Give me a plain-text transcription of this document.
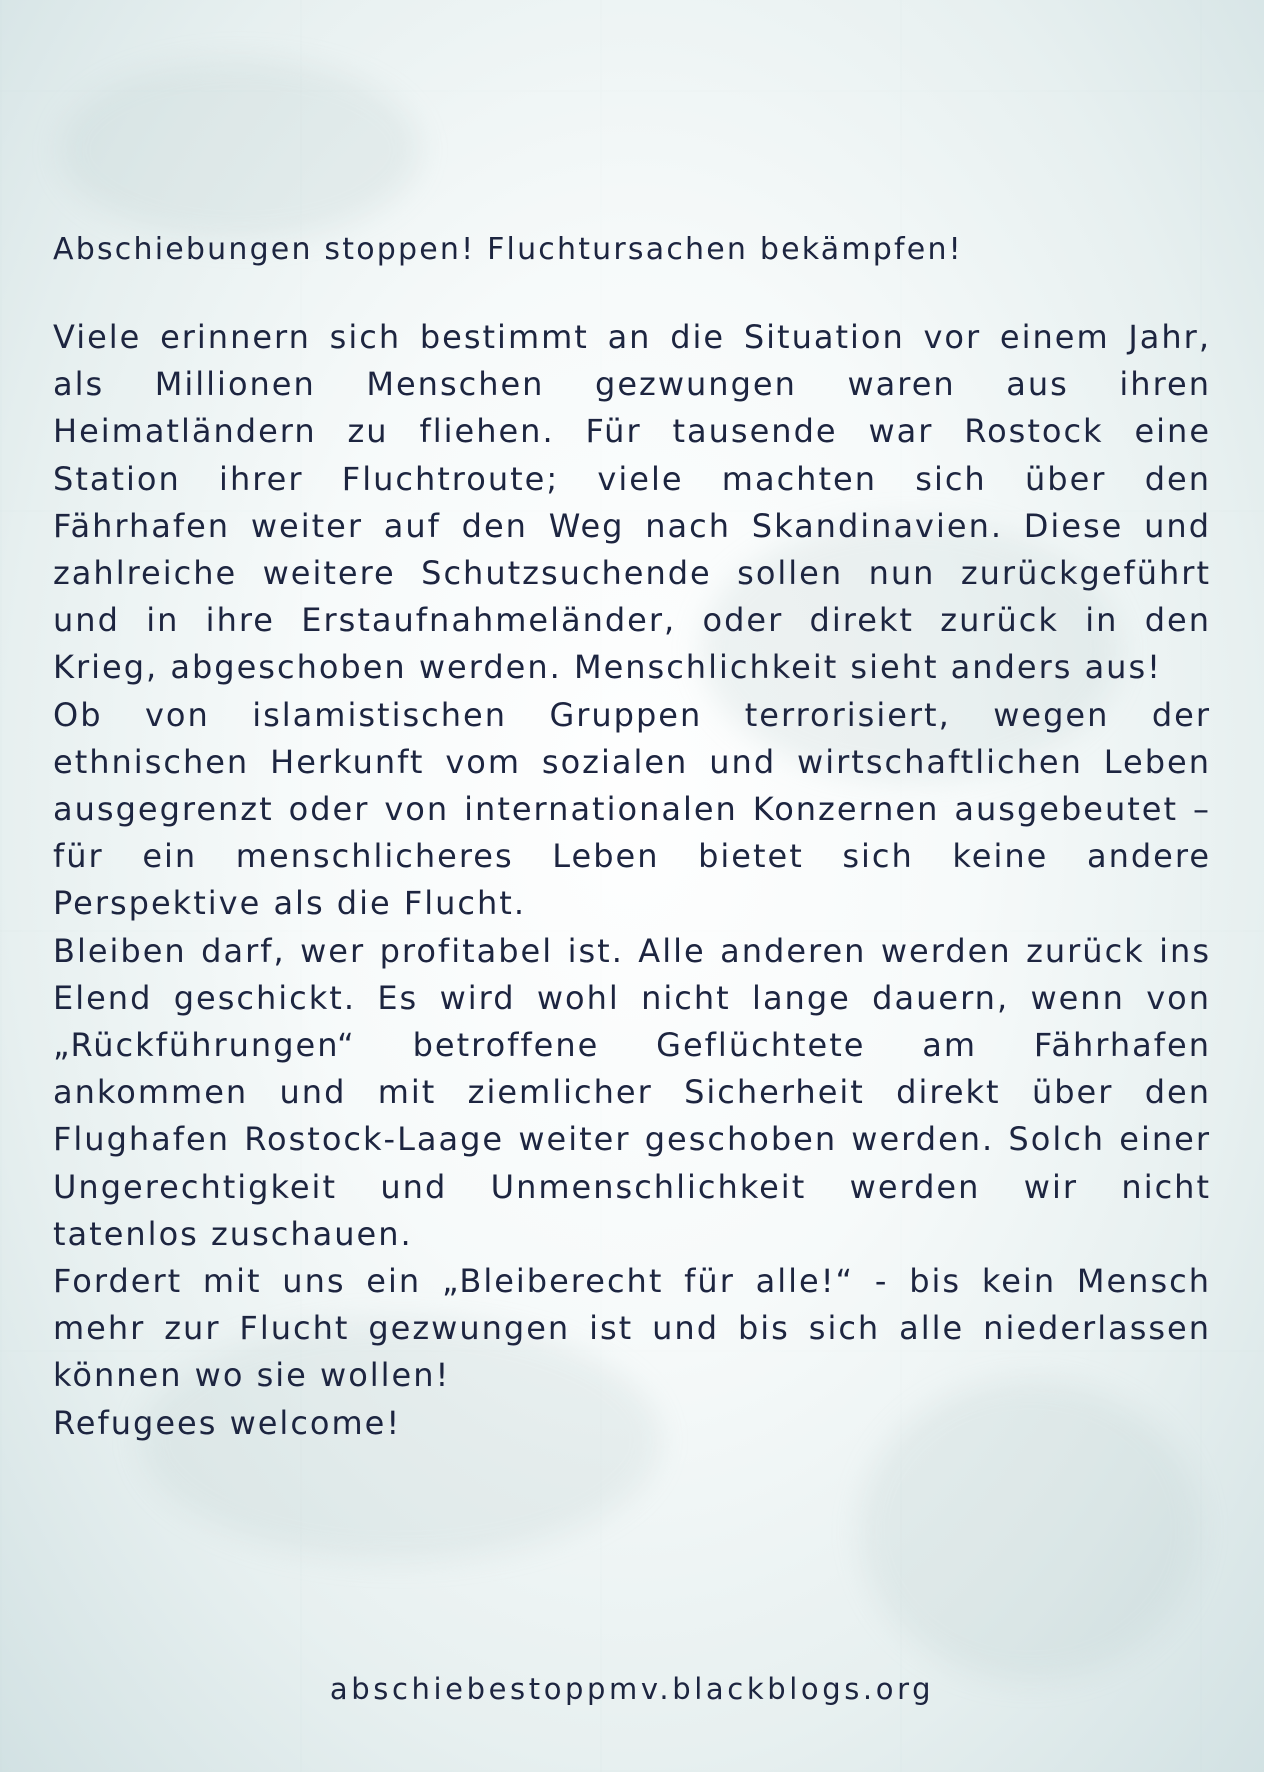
Abschiebungen stoppen! Fluchtursachen bekämpfen!

Viele erinnern sich bestimmt an die Situation vor einem Jahr, als Millionen Menschen gezwungen waren aus ihren Heimatländern zu fliehen. Für tausende war Rostock eine Station ihrer Fluchtroute; viele machten sich über den Fährhafen weiter auf den Weg nach Skandinavien. Diese und zahlreiche weitere Schutzsuchende sollen nun zurückgeführt und in ihre Erstaufnahmeländer, oder direkt zurück in den Krieg, abgeschoben werden. Menschlichkeit sieht anders aus!

Ob von islamistischen Gruppen terrorisiert, wegen der ethnischen Herkunft vom sozialen und wirtschaftlichen Leben ausgegrenzt oder von internationalen Konzernen ausgebeutet – für ein menschlicheres Leben bietet sich keine andere Perspektive als die Flucht.

Bleiben darf, wer profitabel ist. Alle anderen werden zurück ins Elend geschickt. Es wird wohl nicht lange dauern, wenn von „Rückführungen“ betroffene Geflüchtete am Fährhafen ankommen und mit ziemlicher Sicherheit direkt über den Flughafen Rostock-Laage weiter geschoben werden. Solch einer Ungerechtigkeit und Unmenschlichkeit werden wir nicht tatenlos zuschauen.

Fordert mit uns ein „Bleiberecht für alle!“ - bis kein Mensch mehr zur Flucht gezwungen ist und bis sich alle niederlassen können wo sie wollen!

Refugees welcome!

abschiebestoppmv.blackblogs.org
